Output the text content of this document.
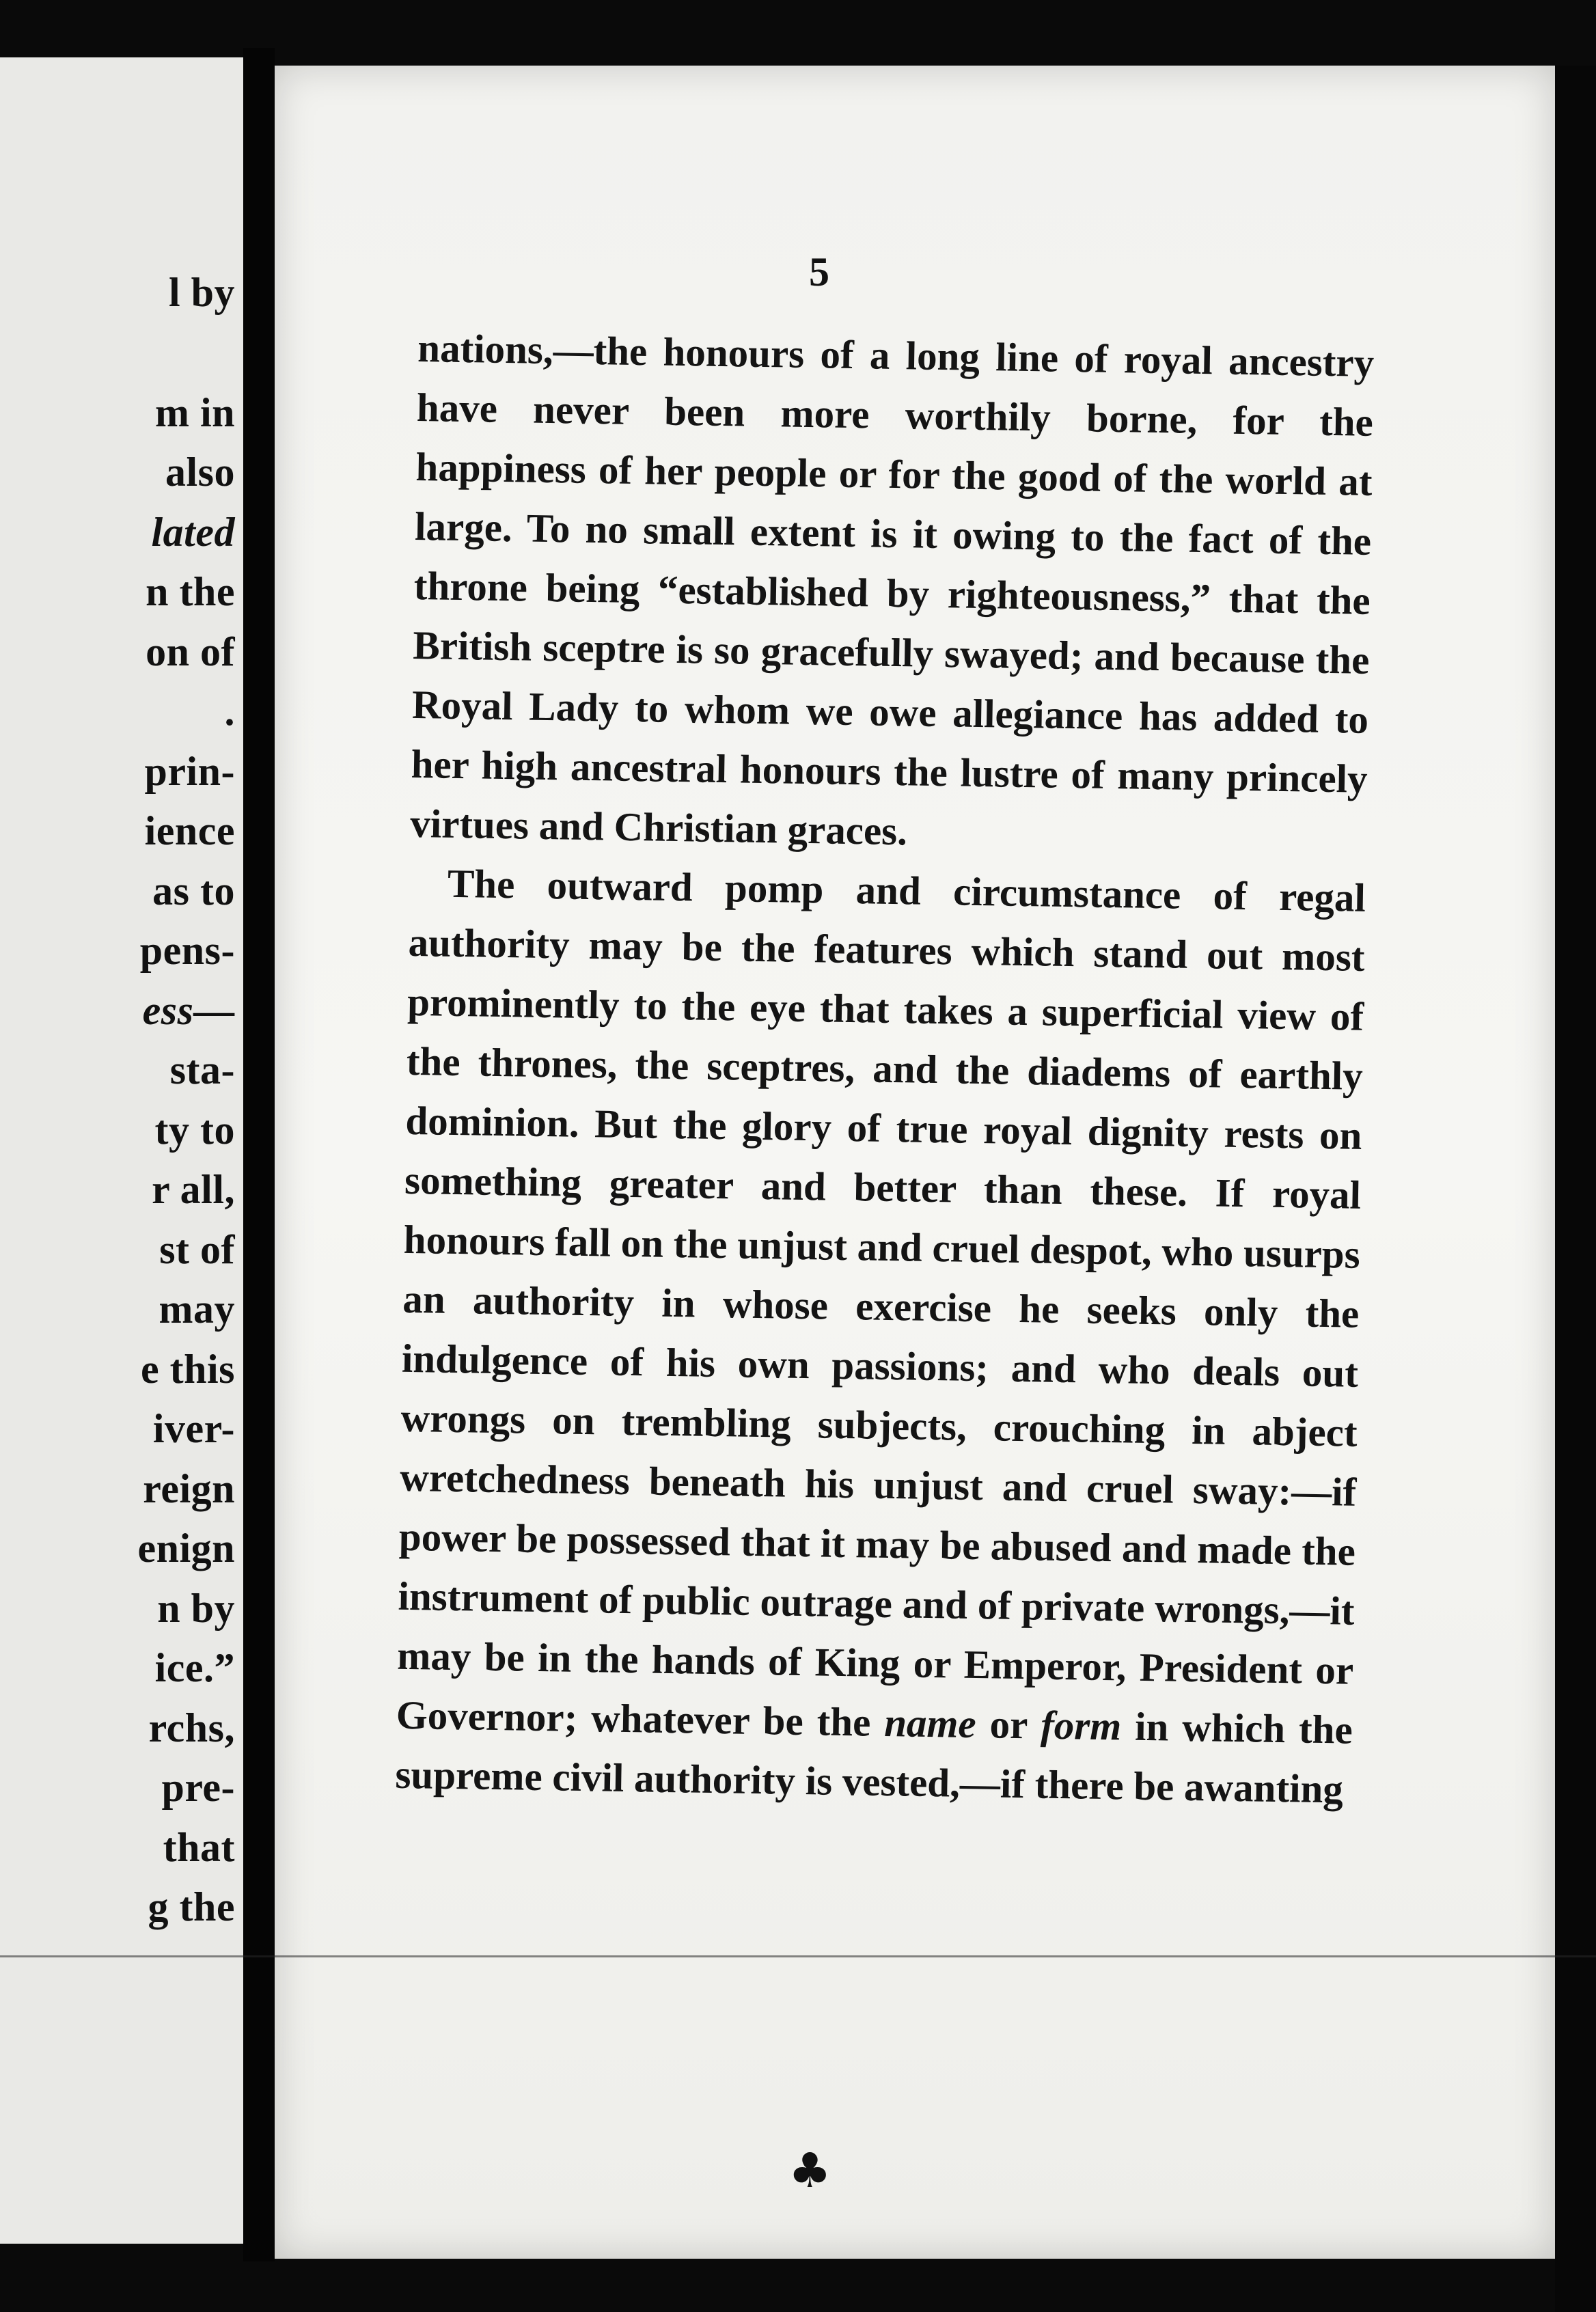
l by
m in
also
lated
n the
on of
.
prin-
ience
as to
pens-
ess—
sta-
ty to
r all,
st of
may
e this
iver-
reign
enign
n by
ice.”
rchs,
pre-
that
g the
5

nations,—the honours of a long line of royal ancestry have never been more worthily borne, for the happiness of her people or for the good of the world at large. To no small extent is it owing to the fact of the throne being “established by righteousness,” that the British sceptre is so gracefully swayed; and because the Royal Lady to whom we owe allegiance has added to her high ancestral honours the lustre of many princely virtues and Christian graces.

The outward pomp and circumstance of regal authority may be the features which stand out most prominently to the eye that takes a superficial view of the thrones, the sceptres, and the diadems of earthly dominion. But the glory of true royal dignity rests on something greater and better than these. If royal honours fall on the unjust and cruel despot, who usurps an authority in whose exercise he seeks only the indulgence of his own passions; and who deals out wrongs on trembling subjects, crouching in abject wretchedness beneath his unjust and cruel sway:—if power be possessed that it may be abused and made the instrument of public outrage and of private wrongs,—it may be in the hands of King or Emperor, President or Governor; whatever be the name or form in which the supreme civil authority is vested,—if there be awanting

♣
